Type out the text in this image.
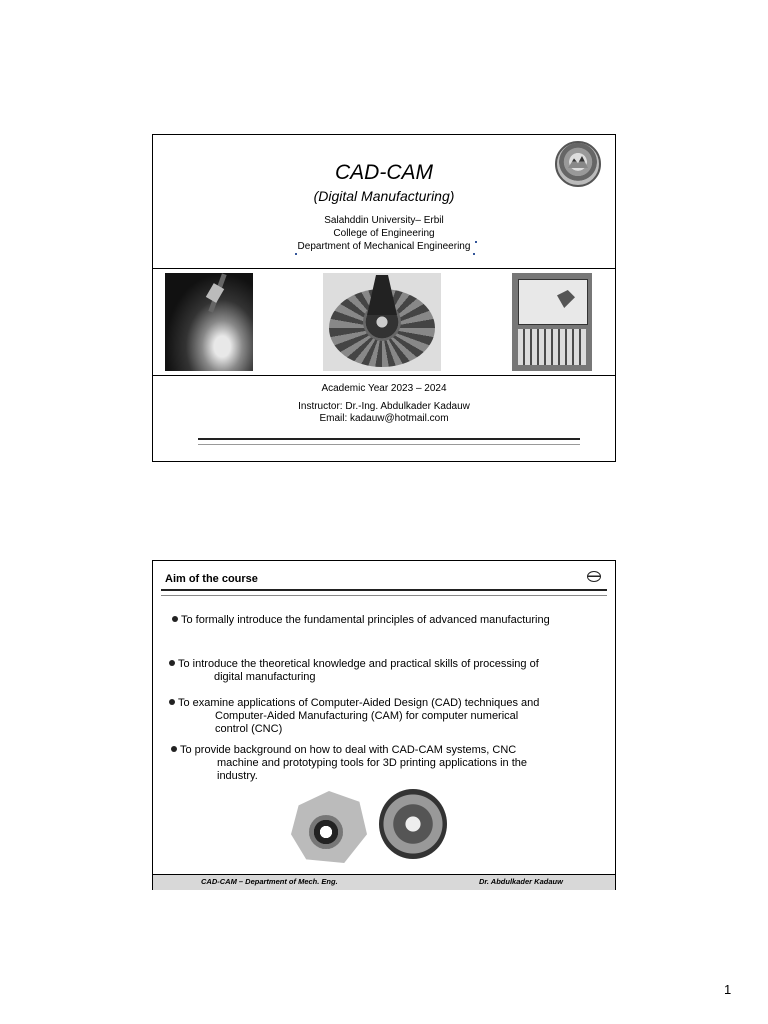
CAD-CAM
(Digital Manufacturing)
Salahddin University– Erbil
College of Engineering
Department of Mechanical Engineering
Academic Year 2023 – 2024
Instructor: Dr.-Ing. Abdulkader Kadauw
Email: kadauw@hotmail.com
Aim of the course
To formally introduce the fundamental principles of advanced manufacturing
To introduce the theoretical knowledge and practical skills of processing of
digital manufacturing
To examine applications of Computer-Aided Design (CAD) techniques and
Computer-Aided Manufacturing (CAM) for computer numerical
control (CNC)
To provide background on how to deal with CAD-CAM systems, CNC
machine and prototyping tools for 3D printing applications in the
industry.
CAD-CAM – Department of Mech. Eng.	Dr. Abdulkader Kadauw
1
